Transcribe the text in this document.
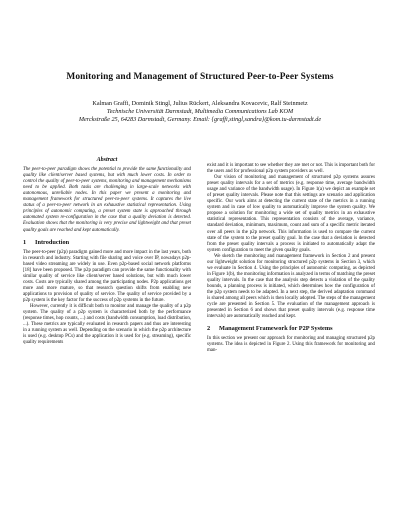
Monitoring and Management of Structured Peer-to-Peer Systems
Kalman Graffi, Dominik Stingl, Julius Rückert, Aleksandra Kovacevic, Ralf Steinmetz
Technische Universität Darmstadt, Multimedia Communications Lab KOM
Merckstraße 25, 64283 Darmstadt, Germany. Email: {graffi,stingl,sandra}@kom.tu-darmstadt.de
Abstract

The peer-to-peer paradigm shows the potential to provide the same functionality and quality like client/server based systems, but with much lower costs. In order to control the quality of peer-to-peer systems, monitoring and management mechanisms need to be applied. Both tasks are challenging in large-scale networks with autonomous, unreliable nodes. In this paper we present a monitoring and management framework for structured peer-to-peer systems. It captures the live status of a peer-to-peer network in an exhaustive statistical representation. Using principles of autonomic computing, a preset system state is approached through automated system re-configuration in the case that a quality deviation is detected. Evaluation shows that the monitoring is very precise and lightweight and that preset quality goals are reached and kept automatically.

1 Introduction

The peer-to-peer (p2p) paradigm gained more and more impact in the last years, both in research and industry. Starting with file sharing and voice over IP, nowadays p2p-based video streaming are widely in use. Even p2p-based social network platforms [18] have been proposed. The p2p paradigm can provide the same functionality with similar quality of service like client/server based solutions, but with much lower costs. Costs are typically shared among the participating nodes. P2p applications get more and more mature, so that research question shifts from enabling new applications to provision of quality of service. The quality of service provided by a p2p system is the key factor for the success of p2p systems in the future.

However, currently it is difficult both to monitor and manage the quality of a p2p system. The quality of a p2p system is characterized both by the performance (response times, hop counts, ...) and costs (bandwidth consumption, load distribution, ...). These metrics are typically evaluated in research papers and thus are interesting in a running system as well. Depending on the scenario in which the p2p architecture is used (e.g. desktop PCs) and the application it is used for (e.g. streaming), specific quality requirements

exist and it is important to see whether they are met or not. This is important both for the users and for professional p2p system providers as well.

Our vision of monitoring and management of structured p2p systems assures preset quality intervals for a set of metrics (e.g. response time, average bandwidth usage and variance of the bandwidth usage). In Figure 1(a) we depict an example set of preset quality intervals. Please note that this settings are scenario and application specific. Our work aims at detecting the current state of the metrics in a running system and in case of low quality to automatically improve the system quality. We propose a solution for monitoring a wide set of quality metrics in an exhaustive statistical representation. This representation consists of the average, variance, standard deviation, minimum, maximum, count and sum of a specific metric iterated over all peers in the p2p network. This information is used to compare the current state of the system to the preset quality goal. In the case that a deviation is detected from the preset quality intervals a process is initiated to automatically adapt the system configuration to meet the given quality goals.

We sketch the monitoring and management framework in Section 2 and present our lightweight solution for monitoring structured p2p systems in Section 3, which we evaluate in Section 4. Using the principles of autonomic computing, as depicted in Figure 1(b), the monitoring information is analyzed in terms of matching the preset quality intervals. In the case that the analysis step detects a violation of the quality bounds, a planning process is initiated, which determines how the configuration of the p2p system needs to be adapted. In a next step, the derived adaptation command is shared among all peers which is then locally adopted. The steps of the management cycle are presented in Section 5. The evaluation of the management approach is presented in Section 6 and shows that preset quality intervals (e.g. response time intervals) are automatically reached and kept.

2 Management Framework for P2P Systems

In this section we present our approach for monitoring and managing structured p2p systems. The idea is depicted in Figure 2. Using this framework for monitoring and man-
